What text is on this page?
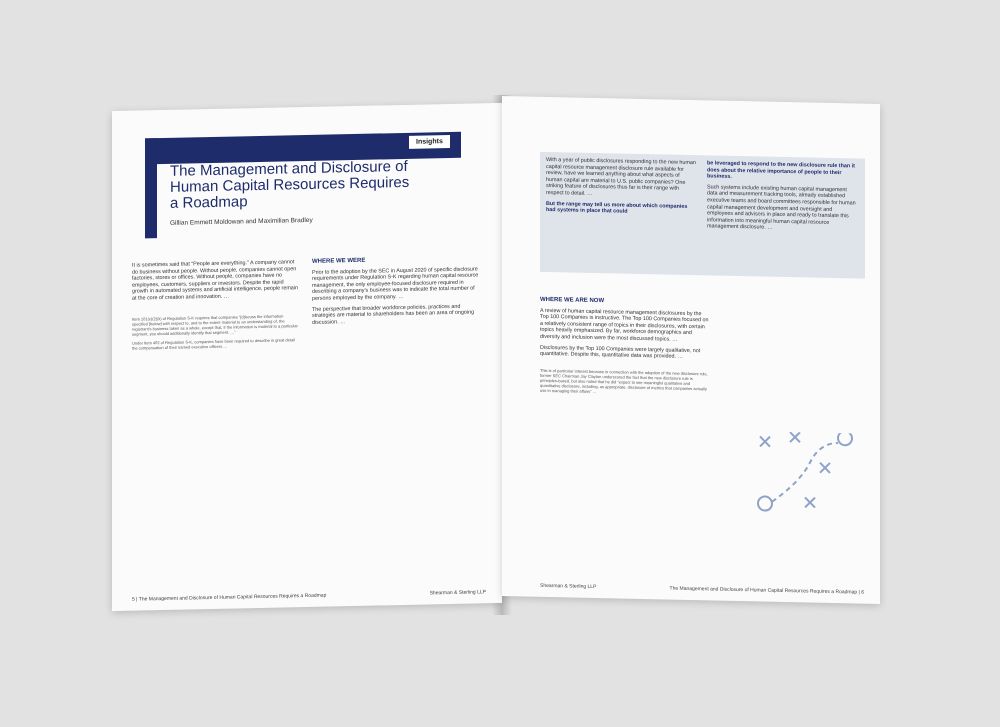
Insights
The Management and Disclosure of Human Capital Resources Requires a Roadmap
Gillian Emmett Moldowan and Maximilian Bradley

It is sometimes said that “People are everything.” A company cannot do business without people. Without people, companies cannot open factories, stores or offices. Without people, companies have no employees, customers, suppliers or investors. Despite the rapid growth in automated systems and artificial intelligence, people remain at the core of creation and innovation. …

Item 101(c)(2)(ii) of Regulation S-K requires that companies “[d]iscuss the information specified [below] with respect to, and to the extent material to an understanding of, the registrant’s business taken as a whole, except that, if the information is material to a particular segment, you should additionally identify that segment. …”

Under Item 402 of Regulation S-K, companies have been required to describe in great detail the compensation of their named executive officers …

WHERE WE WERE

Prior to the adoption by the SEC in August 2020 of specific disclosure requirements under Regulation S-K regarding human capital resource management, the only employee-focused disclosure required in describing a company’s business was to indicate the total number of persons employed by the company. …

The perspective that broader workforce policies, practices and strategies are material to shareholders has been an area of ongoing discussion. …

5 | The Management and Disclosure of Human Capital Resources Requires a Roadmap	Shearman & Sterling LLP

With a year of public disclosures responding to the new human capital resource management disclosure rule available for review, have we learned anything about what aspects of human capital are material to U.S. public companies? One striking feature of disclosures thus far is their range with respect to detail. …

But the range may tell us more about which companies had systems in place that could

be leveraged to respond to the new disclosure rule than it does about the relative importance of people to their business.

Such systems include existing human capital management data and measurement tracking tools, already established executive teams and board committees responsible for human capital management development and oversight and employees and advisors in place and ready to translate this information into meaningful human capital resource management disclosure. …

WHERE WE ARE NOW

A review of human capital resource management disclosures by the Top 100 Companies is instructive. The Top 100 Companies focused on a relatively consistent range of topics in their disclosures, with certain topics heavily emphasized. By far, workforce demographics and diversity and inclusion were the most discussed topics. …

Disclosures by the Top 100 Companies were largely qualitative, not quantitative. Despite this, quantitative data was provided. …

This is of particular interest because in connection with the adoption of the new disclosure rule, former SEC Chairman Jay Clayton underscored the fact that the new disclosure rule is principles-based, but also noted that he did “expect to see meaningful qualitative and quantitative disclosure, including, as appropriate, disclosure of metrics that companies actually use in managing their affairs” …

Shearman & Sterling LLP	The Management and Disclosure of Human Capital Resources Requires a Roadmap | 6
